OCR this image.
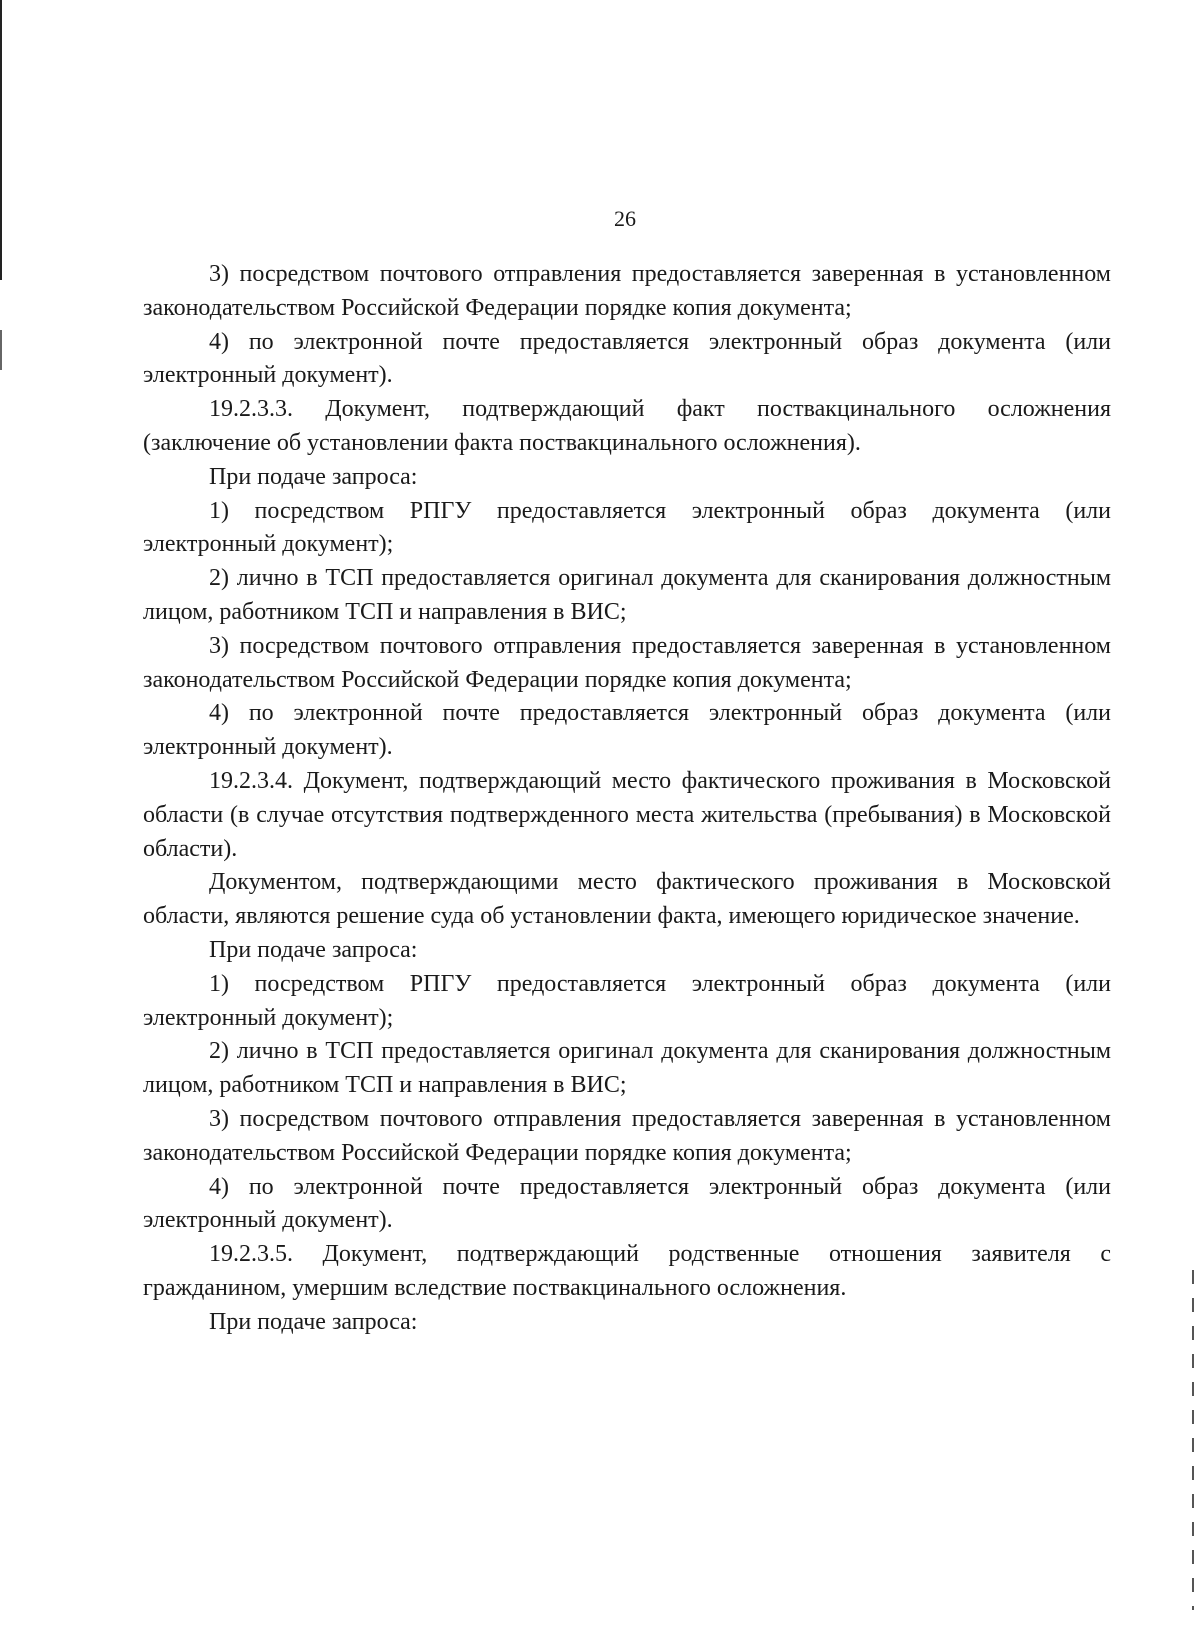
26

3) посредством почтового отправления предоставляется заверенная в установленном законодательством Российской Федерации порядке копия документа;

4) по электронной почте предоставляется электронный образ документа (или электронный документ).

19.2.3.3. Документ, подтверждающий факт поствакцинального осложнения (заключение об установлении факта поствакцинального осложнения).

При подаче запроса:

1) посредством РПГУ предоставляется электронный образ документа (или электронный документ);

2) лично в ТСП предоставляется оригинал документа для сканирования должностным лицом, работником ТСП и направления в ВИС;

3) посредством почтового отправления предоставляется заверенная в установленном законодательством Российской Федерации порядке копия документа;

4) по электронной почте предоставляется электронный образ документа (или электронный документ).

19.2.3.4. Документ, подтверждающий место фактического проживания в Московской области (в случае отсутствия подтвержденного места жительства (пребывания) в Московской области).

Документом, подтверждающими место фактического проживания в Московской области, являются решение суда об установлении факта, имеющего юридическое значение.

При подаче запроса:

1) посредством РПГУ предоставляется электронный образ документа (или электронный документ);

2) лично в ТСП предоставляется оригинал документа для сканирования должностным лицом, работником ТСП и направления в ВИС;

3) посредством почтового отправления предоставляется заверенная в установленном законодательством Российской Федерации порядке копия документа;

4) по электронной почте предоставляется электронный образ документа (или электронный документ).

19.2.3.5. Документ, подтверждающий родственные отношения заявителя с гражданином, умершим вследствие поствакцинального осложнения.

При подаче запроса:
